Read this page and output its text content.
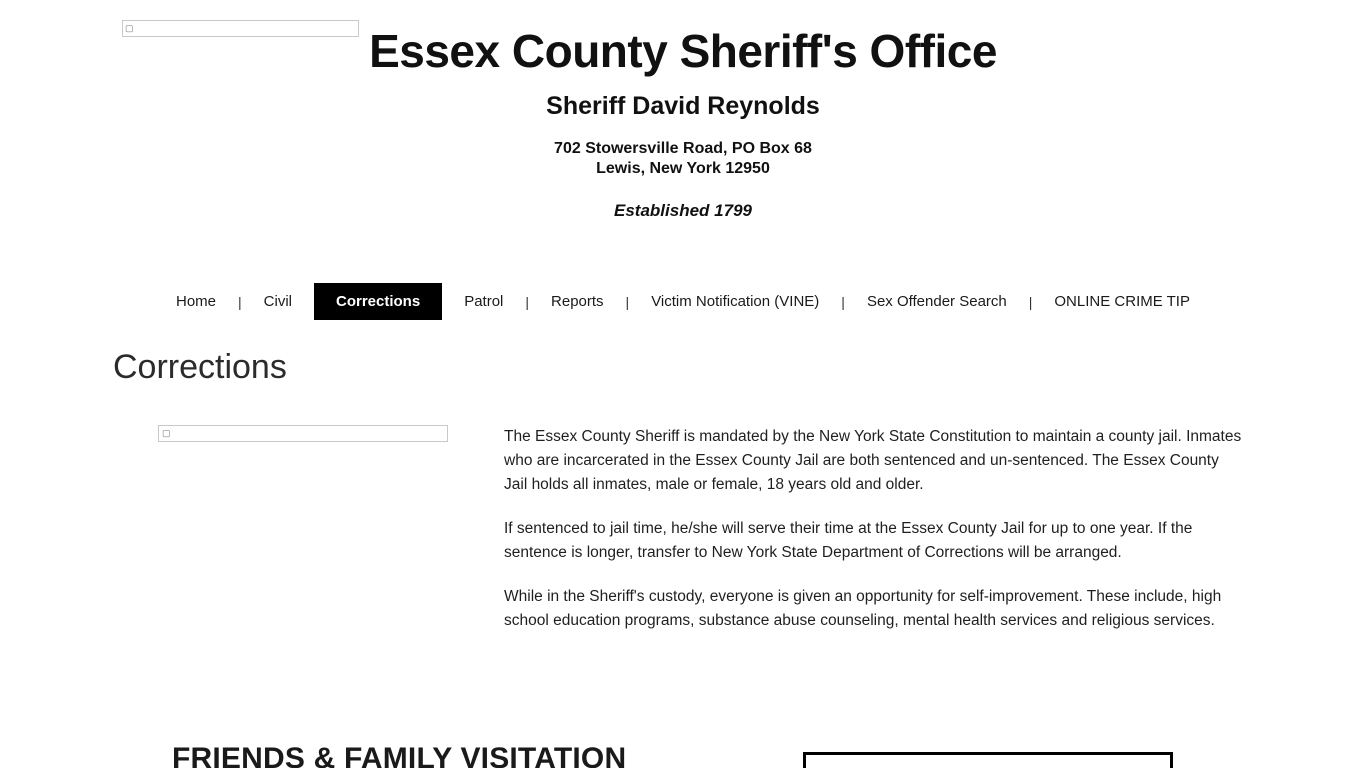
▢	Essex County Sheriff's Office
Sheriff David Reynolds

702 Stowersville Road, PO Box 68

Lewis, New York 12950

Established 1799

Home	|	Civil	Corrections	Patrol	|	Reports	|	Victim Notification (VINE)	|	Sex Offender Search	|	ONLINE CRIME TIP
Corrections
▢	The Essex County Sheriff is mandated by the New York State Constitution to maintain a county jail. Inmates who are incarcerated in the Essex County Jail are both sentenced and un-sentenced. The Essex County Jail holds all inmates, male or female, 18 years old and older.

If sentenced to jail time, he/she will serve their time at the Essex County Jail for up to one year. If the sentence is longer, transfer to New York State Department of Corrections will be arranged.

While in the Sheriff's custody, everyone is given an opportunity for self-improvement. These include, high school education programs, substance abuse counseling, mental health services and religious services.

FRIENDS & FAMILY VISITATION
